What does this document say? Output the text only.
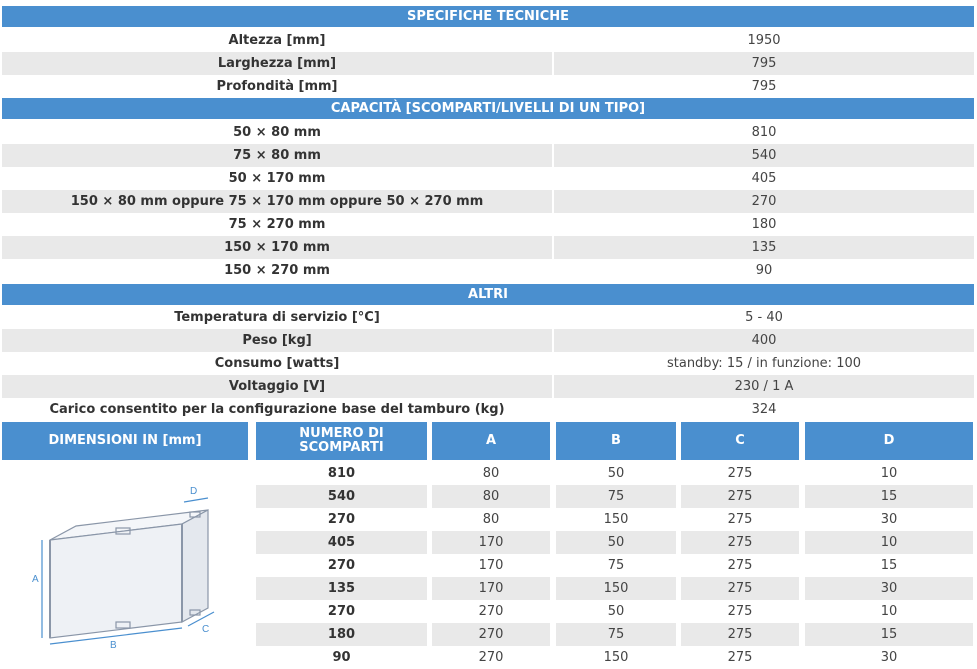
SPECIFICHE TECNICHE
Altezza [mm]	1950
Larghezza [mm]	795
Profondità [mm]	795
CAPACITÀ [SCOMPARTI/LIVELLI DI UN TIPO]
50 × 80 mm	810
75 × 80 mm	540
50 × 170 mm	405
150 × 80 mm oppure 75 × 170 mm oppure 50 × 270 mm	270
75 × 270 mm	180
150 × 170 mm	135
150 × 270 mm	90
ALTRI
Temperatura di servizio [°C]	5 - 40
Peso [kg]	400
Consumo [watts]	standby: 15 / in funzione: 100
Voltaggio [V]	230 / 1 A
Carico consentito per la configurazione base del tamburo (kg)	324
DIMENSIONI IN [mm]	NUMERO DI SCOMPARTI	A	B	C	D
810	80	50	275	10
540	80	75	275	15
270	80	150	275	30
405	170	50	275	10
270	170	75	275	15
135	170	150	275	30
270	270	50	275	10
180	270	75	275	15
90	270	150	275	30
A
B
C
D
